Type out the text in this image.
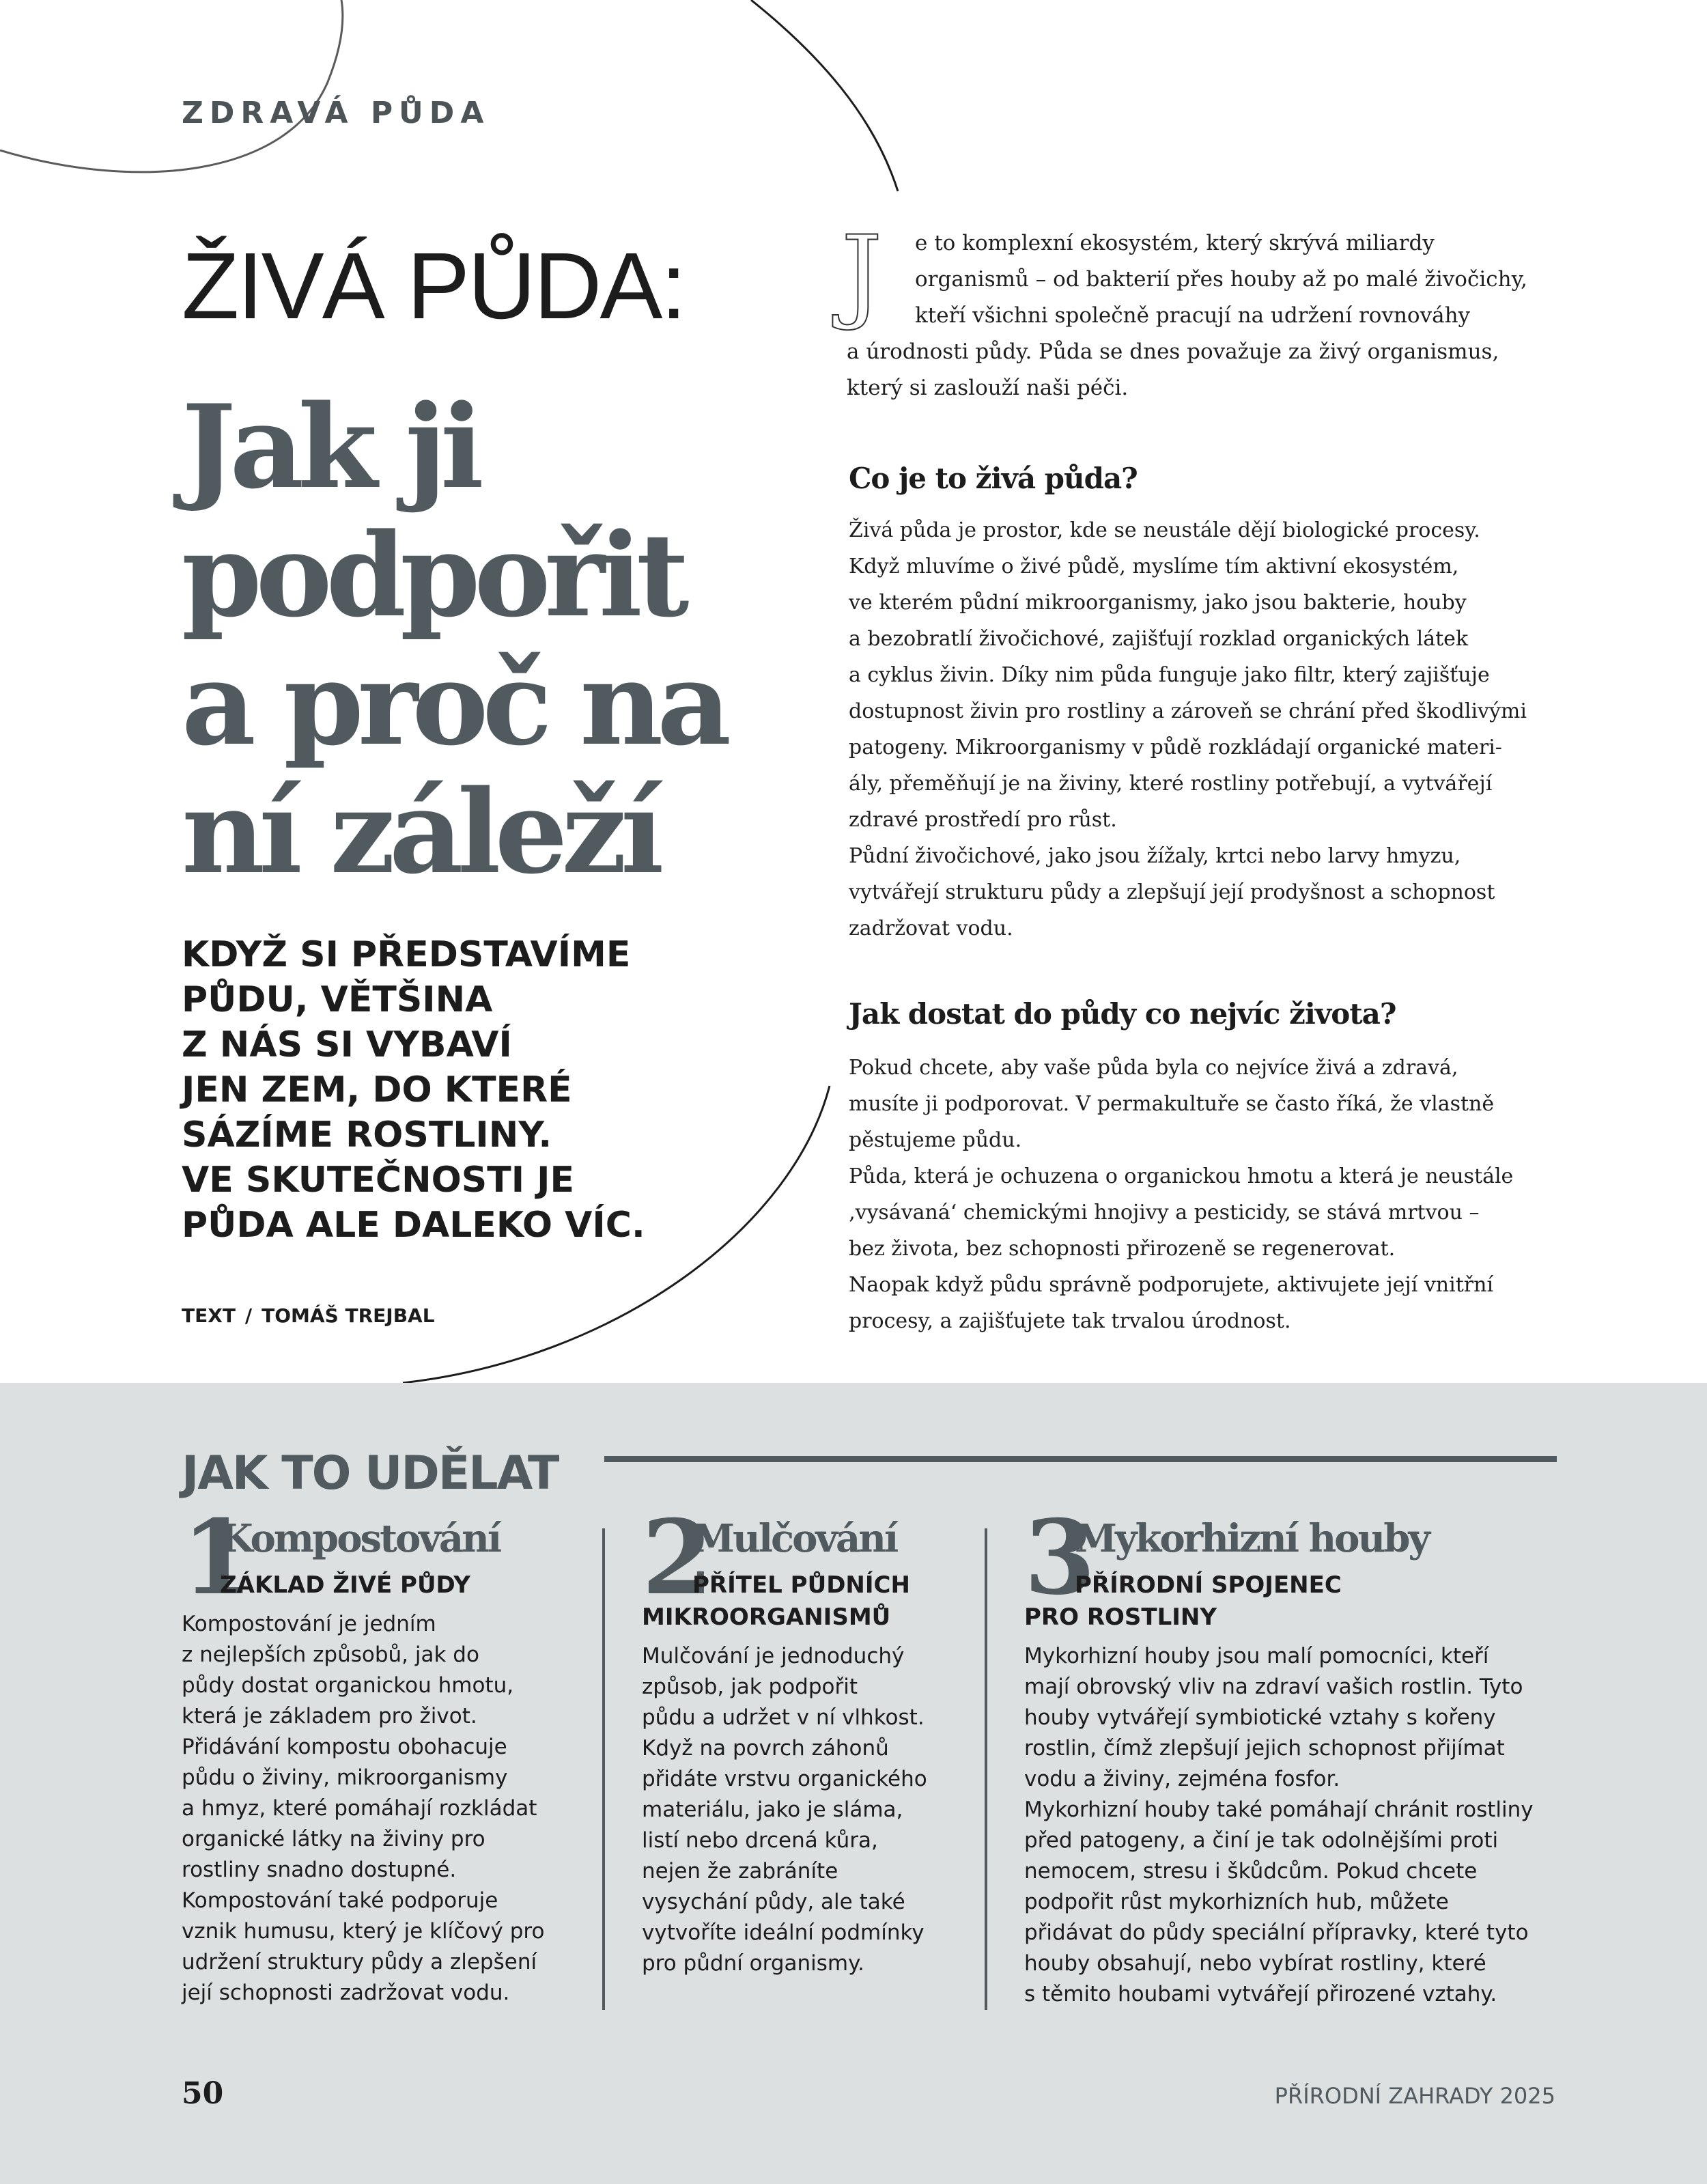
ZDRAVÁ PŮDA
ŽIVÁ PŮDA:
Jak ji
podpořit
a proč na
ní záleží
KDYŽ SI PŘEDSTAVÍME
PŮDU, VĚTŠINA
Z NÁS SI VYBAVÍ
JEN ZEM, DO KTERÉ
SÁZÍME ROSTLINY.
VE SKUTEČNOSTI JE
PŮDA ALE DALEKO VÍC.
TEXT / TOMÁŠ TREJBAL
J	e to komplexní ekosystém, který skrývá miliardy
organismů – od bakterií přes houby až po malé živočichy,
kteří všichni společně pracují na udržení rovnováhy
a úrodnosti půdy. Půda se dnes považuje za živý organismus,
který si zaslouží naši péči.
Co je to živá půda?
Živá půda je prostor, kde se neustále dějí biologické procesy.
Když mluvíme o živé půdě, myslíme tím aktivní ekosystém,
ve kterém půdní mikroorganismy, jako jsou bakterie, houby
a bezobratlí živočichové, zajišťují rozklad organických látek
a cyklus živin. Díky nim půda funguje jako filtr, který zajišťuje
dostupnost živin pro rostliny a zároveň se chrání před škodlivými
patogeny. Mikroorganismy v půdě rozkládají organické materi-
ály, přeměňují je na živiny, které rostliny potřebují, a vytvářejí
zdravé prostředí pro růst.
Půdní živočichové, jako jsou žížaly, krtci nebo larvy hmyzu,
vytvářejí strukturu půdy a zlepšují její prodyšnost a schopnost
zadržovat vodu.
Jak dostat do půdy co nejvíc života?
Pokud chcete, aby vaše půda byla co nejvíce živá a zdravá,
musíte ji podporovat. V permakultuře se často říká, že vlastně
pěstujeme půdu.
Půda, která je ochuzena o organickou hmotu a která je neustále
‚vysávaná‘ chemickými hnojivy a pesticidy, se stává mrtvou –
bez života, bez schopnosti přirozeně se regenerovat.
Naopak když půdu správně podporujete, aktivujete její vnitřní
procesy, a zajišťujete tak trvalou úrodnost.
JAK TO UDĚLAT
1
Kompostování
ZÁKLAD ŽIVÉ PŮDY
Kompostování je jedním
z nejlepších způsobů, jak do
půdy dostat organickou hmotu,
která je základem pro život.
Přidávání kompostu obohacuje
půdu o živiny, mikroorganismy
a hmyz, které pomáhají rozkládat
organické látky na živiny pro
rostliny snadno dostupné.
Kompostování také podporuje
vznik humusu, který je klíčový pro
udržení struktury půdy a zlepšení
její schopnosti zadržovat vodu.
2
Mulčování
PŘÍTEL PŮDNÍCH
MIKROORGANISMŮ
Mulčování je jednoduchý
způsob, jak podpořit
půdu a udržet v ní vlhkost.
Když na povrch záhonů
přidáte vrstvu organického
materiálu, jako je sláma,
listí nebo drcená kůra,
nejen že zabráníte
vysychání půdy, ale také
vytvoříte ideální podmínky
pro půdní organismy.
3
Mykorhizní houby
PŘÍRODNÍ SPOJENEC
PRO ROSTLINY
Mykorhizní houby jsou malí pomocníci, kteří
mají obrovský vliv na zdraví vašich rostlin. Tyto
houby vytvářejí symbiotické vztahy s kořeny
rostlin, čímž zlepšují jejich schopnost přijímat
vodu a živiny, zejména fosfor.
Mykorhizní houby také pomáhají chránit rostliny
před patogeny, a činí je tak odolnějšími proti
nemocem, stresu i škůdcům. Pokud chcete
podpořit růst mykorhizních hub, můžete
přidávat do půdy speciální přípravky, které tyto
houby obsahují, nebo vybírat rostliny, které
s těmito houbami vytvářejí přirozené vztahy.
50	PŘÍRODNÍ ZAHRADY 2025
